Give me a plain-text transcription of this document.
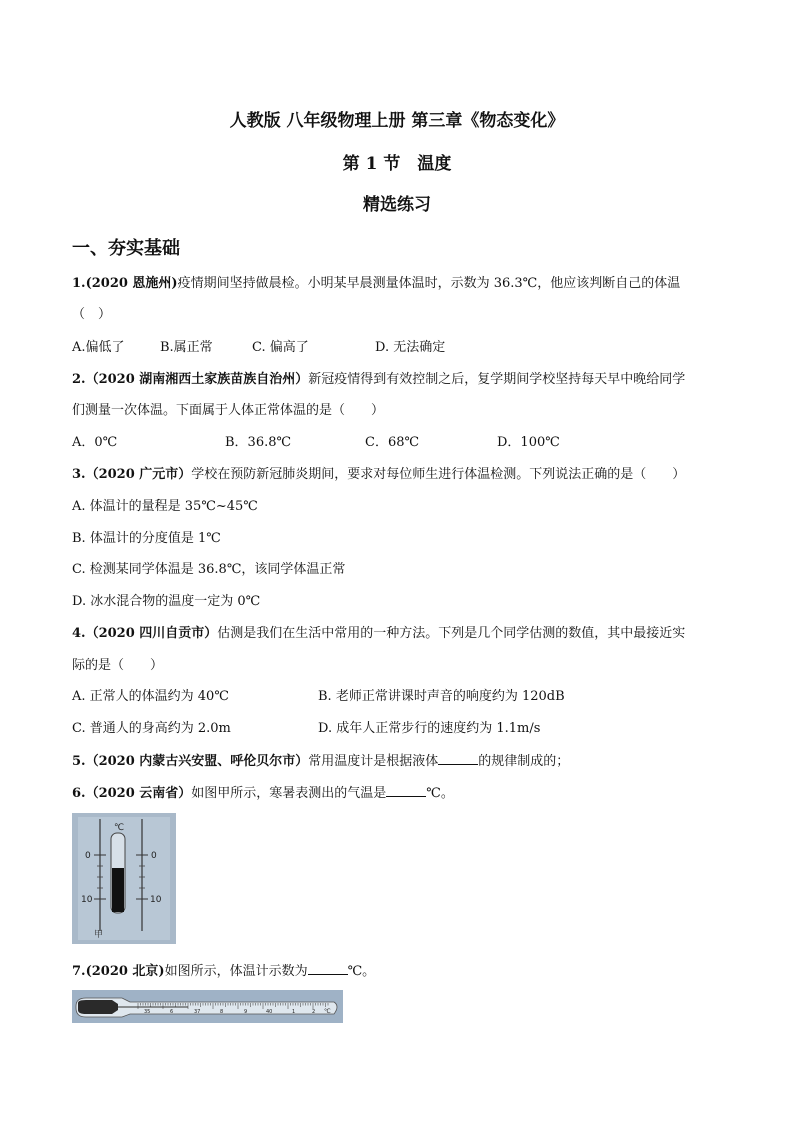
人教版 八年级物理上册 第三章《物态变化》
第 1 节　温度
精选练习
一、夯实基础
1.(2020 恩施州)疫情期间坚持做晨检。小明某早晨测量体温时，示数为 36.3℃，他应该判断自己的体温
（　）
A.偏低了	B.属正常	C. 偏高了	D. 无法确定
2.（2020 湖南湘西土家族苗族自治州）新冠疫情得到有效控制之后，复学期间学校坚持每天早中晚给同学
们测量一次体温。下面属于人体正常体温的是（　　）
A．0℃	B．36.8℃	C．68℃	D．100℃
3.（2020 广元市）学校在预防新冠肺炎期间，要求对每位师生进行体温检测。下列说法正确的是（　　）
A. 体温计的量程是 35℃~45℃
B. 体温计的分度值是 1℃
C. 检测某同学体温是 36.8℃，该同学体温正常
D. 冰水混合物的温度一定为 0℃
4.（2020 四川自贡市）估测是我们在生活中常用的一种方法。下列是几个同学估测的数值，其中最接近实
际的是（　　）
A. 正常人的体温约为 40℃	B. 老师正常讲课时声音的响度约为 120dB
C. 普通人的身高约为 2.0m	D. 成年人正常步行的速度约为 1.1m/s
5.（2020 内蒙古兴安盟、呼伦贝尔市）常用温度计是根据液体	的规律制成的；
6.（2020 云南省）如图甲所示，寒暑表测出的气温是	℃。
℃
0
10
0
10
甲
7.(2020 北京)如图所示，体温计示数为	℃。
35	6	37	8	9	40	1	2 ℃
